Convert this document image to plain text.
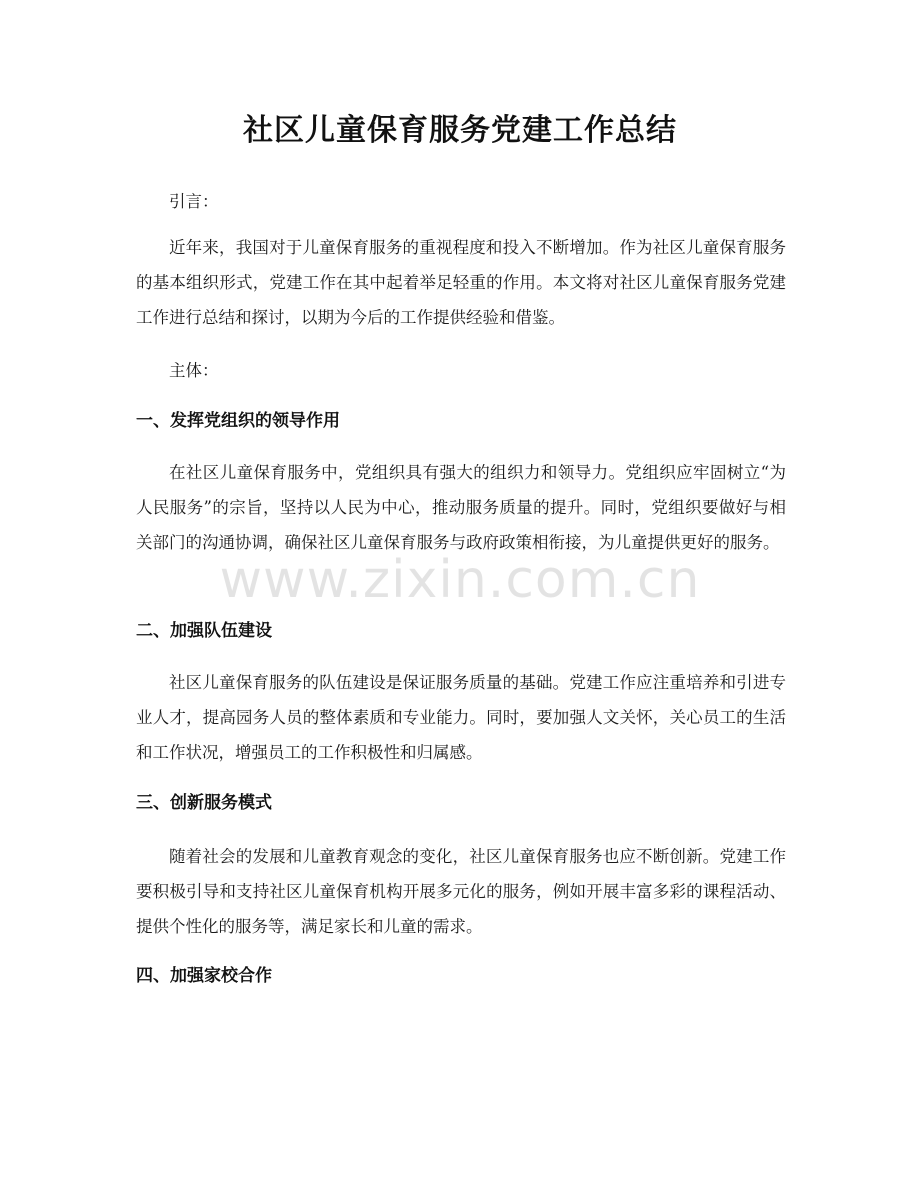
社区儿童保育服务党建工作总结

引言：

近年来，我国对于儿童保育服务的重视程度和投入不断增加。作为社区儿童保育服务的基本组织形式，党建工作在其中起着举足轻重的作用。本文将对社区儿童保育服务党建工作进行总结和探讨，以期为今后的工作提供经验和借鉴。

主体：

一、发挥党组织的领导作用

在社区儿童保育服务中，党组织具有强大的组织力和领导力。党组织应牢固树立“为人民服务”的宗旨，坚持以人民为中心，推动服务质量的提升。同时，党组织要做好与相关部门的沟通协调，确保社区儿童保育服务与政府政策相衔接，为儿童提供更好的服务。

二、加强队伍建设

社区儿童保育服务的队伍建设是保证服务质量的基础。党建工作应注重培养和引进专业人才，提高园务人员的整体素质和专业能力。同时，要加强人文关怀，关心员工的生活和工作状况，增强员工的工作积极性和归属感。

三、创新服务模式

随着社会的发展和儿童教育观念的变化，社区儿童保育服务也应不断创新。党建工作要积极引导和支持社区儿童保育机构开展多元化的服务，例如开展丰富多彩的课程活动、提供个性化的服务等，满足家长和儿童的需求。

四、加强家校合作
www.zixin.com.cn
